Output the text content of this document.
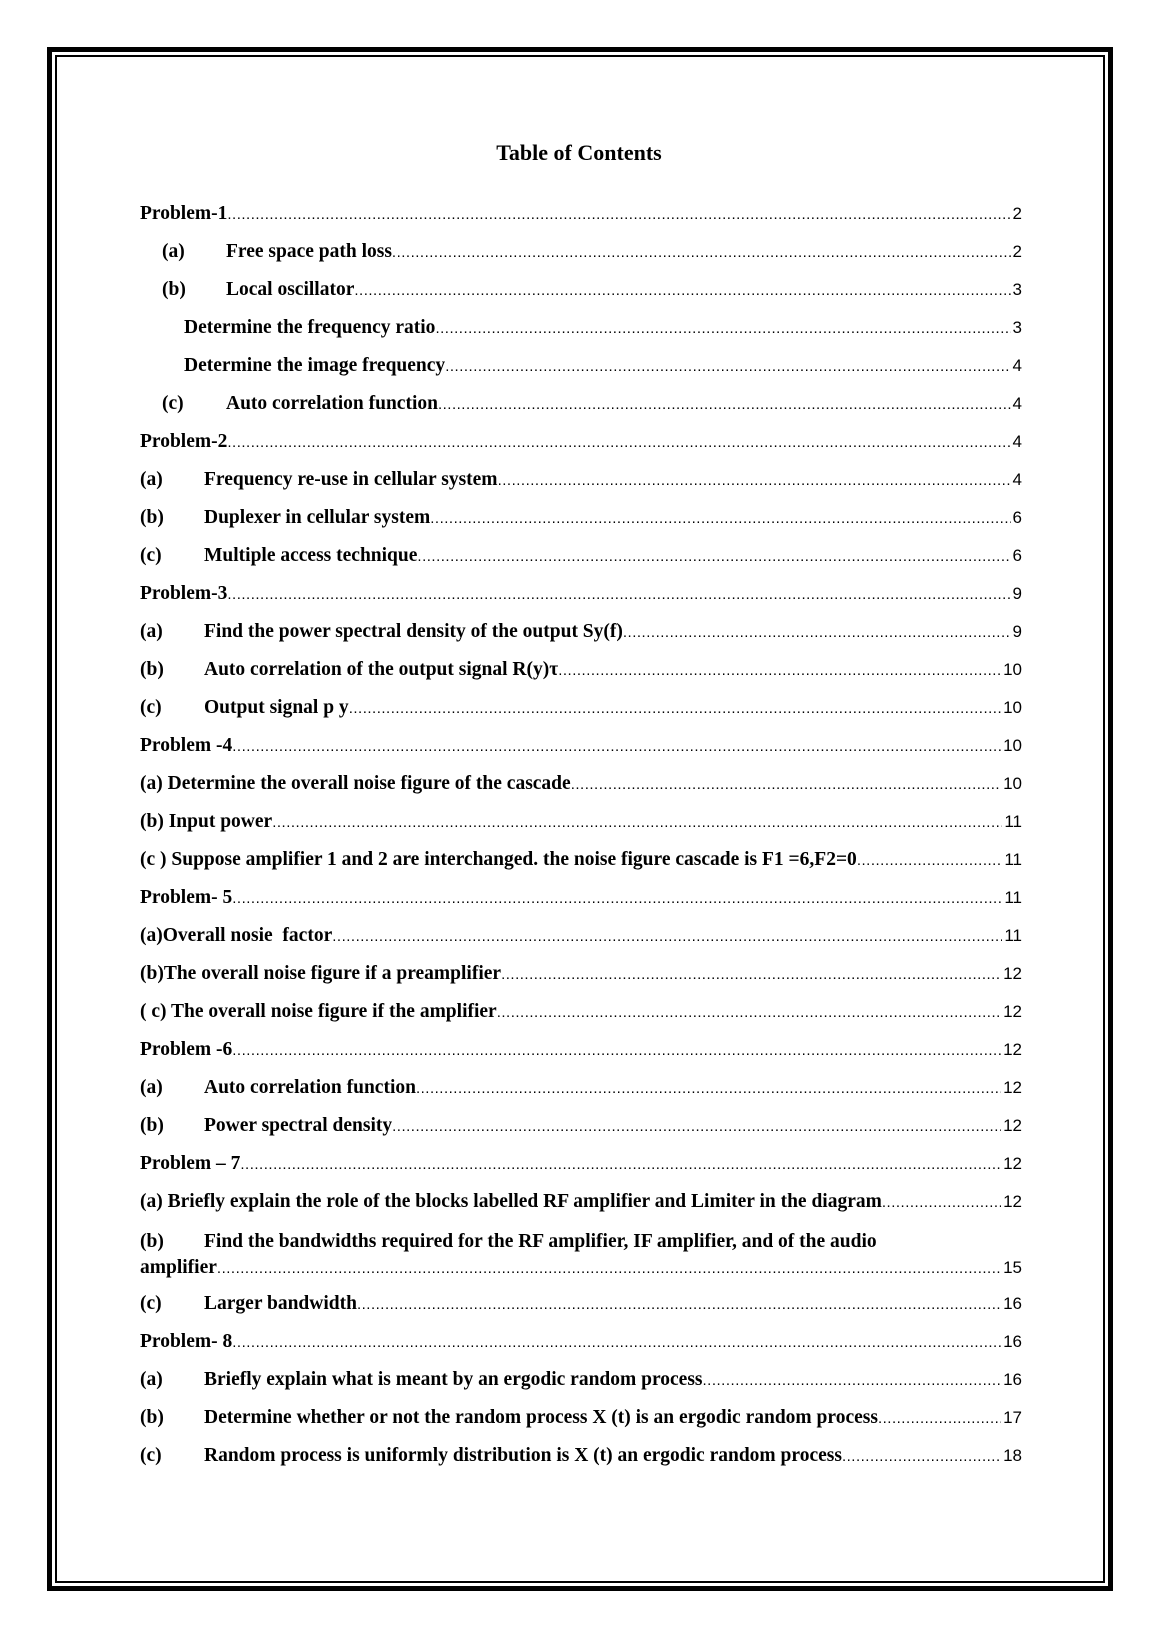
Table of Contents
Problem-1 .....	2
(a)	Free space path loss .....	2
(b)	Local oscillator .....	3
Determine the frequency ratio .....	3
Determine the image frequency .....	4
(c)	Auto correlation function .....	4
Problem-2 .....	4
(a)	Frequency re-use in cellular system .....	4
(b)	Duplexer in cellular system .....	6
(c)	Multiple access technique .....	6
Problem-3 .....	9
(a)	Find the power spectral density of the output Sy(f) .....	9
(b)	Auto correlation of the output signal R(y)τ .....	10
(c)	Output signal p y .....	10
Problem -4 .....	10
(a) Determine the overall noise figure of the cascade .....	10
(b) Input power .....	11
(c ) Suppose amplifier 1 and 2 are interchanged. the noise figure cascade is F1 =6,F2=0 .....	11
Problem- 5 .....	11
(a)Overall nosie  factor .....	11
(b)The overall noise figure if a preamplifier .....	12
( c) The overall noise figure if the amplifier .....	12
Problem -6 .....	12
(a)	Auto correlation function .....	12
(b)	Power spectral density .....	12
Problem – 7 .....	12
(a) Briefly explain the role of the blocks labelled RF amplifier and Limiter in the diagram .....	12
(b)	Find the bandwidths required for the RF amplifier, IF amplifier, and of the audio
amplifier .....	15
(c)	Larger bandwidth .....	16
Problem- 8 .....	16
(a)	Briefly explain what is meant by an ergodic random process .....	16
(b)	Determine whether or not the random process X (t) is an ergodic random process .....	17
(c)	Random process is uniformly distribution is X (t) an ergodic random process .....	18
